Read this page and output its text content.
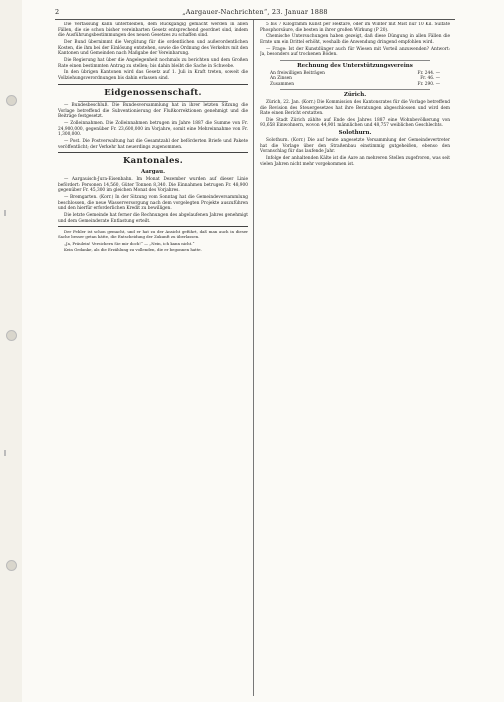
2	„Aargauer-Nachrichten“, 23. Januar 1888

Die Verfassung kann unterbleiben, dem Rückgängig gemacht werden in allen Fällen, die sie schon bisher vereinbarten Gesetz entsprechend geordnet sind, indem die Ausführungsbestimmungen des neuen Gesetzes zu schaffen sind.

Der Bund übernimmt die Vergütung für die ordentlichen und außerordentlichen Kosten, die ihm bei der Einlösung entstehen, sowie die Ordnung des Verkehrs mit den Kantonen und Gemeinden nach Maßgabe der Vereinbarung.

Die Regierung hat über die Angelegenheit nochmals zu berichten und dem Großen Rate einen bestimmten Antrag zu stellen; bis dahin bleibt die Sache in Schwebe.

In den übrigen Kantonen wird das Gesetz auf 1. Juli in Kraft treten, soweit die Vollziehungsverordnungen bis dahin erlassen sind.

Eidgenossenschaft.

— Bundesbeschluß. Die Bundesversammlung hat in ihrer letzten Sitzung die Vorlage betreffend die Subventionierung der Flußkorrektionen genehmigt und die Beiträge festgesetzt.

— Zolleinnahmen. Die Zolleinnahmen betrugen im Jahre 1887 die Summe von Fr. 24,900,000, gegenüber Fr. 23,600,000 im Vorjahre, somit eine Mehreinnahme von Fr. 1,300,000.

— Post. Die Postverwaltung hat die Gesamtzahl der beförderten Briefe und Pakete veröffentlicht; der Verkehr hat neuerdings zugenommen.

Kantonales.
Aargau.

— Aargauisch-Jura-Eisenbahn. Im Monat Dezember wurden auf dieser Linie befördert: Personen 14,560, Güter Tonnen 8,340. Die Einnahmen betrugen Fr. 48,900 gegenüber Fr. 45,300 im gleichen Monat des Vorjahres.

— Bremgarten. (Korr.) In der Sitzung vom Sonntag hat die Gemeindeversammlung beschlossen, die neue Wasserversorgung nach dem vorgelegten Projekte auszuführen und den hierfür erforderlichen Kredit zu bewilligen.

Die letzte Gemeinde hat ferner die Rechnungen des abgelaufenen Jahres genehmigt und dem Gemeinderate Entlastung erteilt.

Der Fehler ist schon gemacht, und er hat zu der Ansicht geführt, daß man auch in dieser Sache besser getan hätte, die Entscheidung der Zukunft zu überlassen.

„Ja, Fräulein! Versichern Sie mir doch!“ — „Nein, ich kann nicht.“

Kein Gedanke, als die Erzählung zu vollenden, die er begonnen hatte.

5 bis 7 Kilogramm Kunst per Hektare, oder im Winter mit Mist nur 10 Kil. Sulfate Phosphorsäure, die besten in ihrer großen Wirkung (P 20).

Chemische Untersuchungen haben gezeigt, daß diese Düngung in allen Fällen die Ernte um ein Drittel erhöht, weshalb die Anwendung dringend empfohlen wird.

— Frage: Ist der Kunstdünger auch für Wiesen mit Vorteil anzuwenden? Antwort: Ja, besonders auf trockenen Böden.

Rechnung des Unterstützungsvereins
An freiwilligen Beiträgen	Fr. 244. —
An Zinsen	Fr. 46. —
Zusammen	Fr. 290. —
Zürich.

Zürich, 22. Jan. (Korr.) Die Kommission des Kantonsrates für die Vorlage betreffend die Revision des Steuergesetzes hat ihre Beratungen abgeschlossen und wird dem Rate einen Bericht erstatten.

Die Stadt Zürich zählte auf Ende des Jahres 1887 eine Wohnbevölkerung von 93,658 Einwohnern, wovon 44,901 männlichen und 48,757 weiblichen Geschlechts.

Solothurn.

Solothurn. (Korr.) Die auf heute angesetzte Versammlung der Gemeindevertreter hat die Vorlage über den Straßenbau einstimmig gutgeheißen, ebenso den Voranschlag für das laufende Jahr.

Infolge der anhaltenden Kälte ist die Aare an mehreren Stellen zugefroren, was seit vielen Jahren nicht mehr vorgekommen ist.
